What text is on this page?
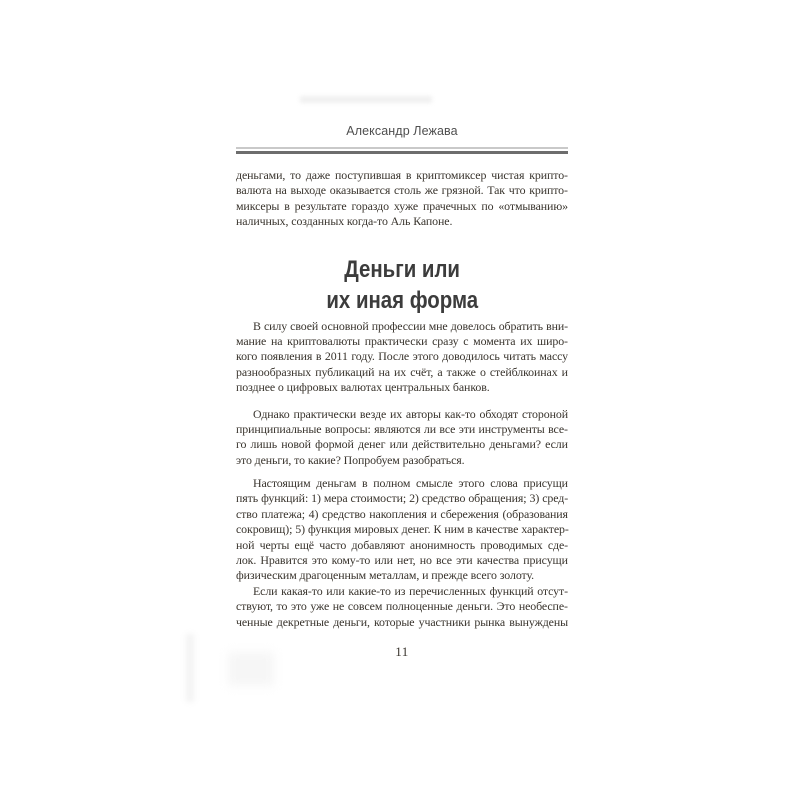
Александр Лежава
деньгами, то даже поступившая в криптомиксер чистая крипто-
валюта на выходе оказывается столь же грязной. Так что крипто-
миксеры в результате гораздо хуже прачечных по «отмыванию»
наличных, созданных когда-то Аль Капоне.
Деньги или
их иная форма
В силу своей основной профессии мне довелось обратить вни-
мание на криптовалюты практически сразу с момента их широ-
кого появления в 2011 году. После этого доводилось читать массу
разнообразных публикаций на их счёт, а также о стейблкоинах и
позднее о цифровых валютах центральных банков.
Однако практически везде их авторы как-то обходят стороной
принципиальные вопросы: являются ли все эти инструменты все-
го лишь новой формой денег или действительно деньгами? если
это деньги, то какие? Попробуем разобраться.
Настоящим деньгам в полном смысле этого слова присущи
пять функций: 1) мера стоимости; 2) средство обращения; 3) сред-
ство платежа; 4) средство накопления и сбережения (образования
сокровищ); 5) функция мировых денег. К ним в качестве характер-
ной черты ещё часто добавляют анонимность проводимых сде-
лок. Нравится это кому-то или нет, но все эти качества присущи
физическим драгоценным металлам, и прежде всего золоту.
Если какая-то или какие-то из перечисленных функций отсут-
ствуют, то это уже не совсем полноценные деньги. Это необеспе-
ченные декретные деньги, которые участники рынка вынуждены
11
